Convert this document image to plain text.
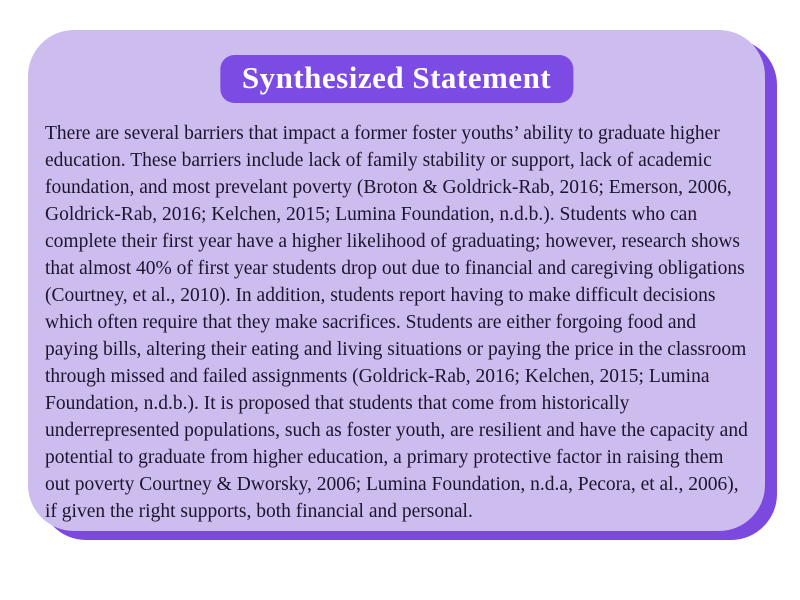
Synthesized Statement

There are several barriers that impact a former foster youths’ ability to graduate higher education. These barriers include lack of family stability or support, lack of academic foundation, and most prevelant poverty (Broton & Goldrick-Rab, 2016; Emerson, 2006, Goldrick-Rab, 2016; Kelchen, 2015; Lumina Foundation, n.d.b.). Students who can complete their first year have a higher likelihood of graduating; however, research shows that almost 40% of first year students drop out due to financial and caregiving obligations (Courtney, et al., 2010). In addition, students report having to make difficult decisions which often require that they make sacrifices. Students are either forgoing food and paying bills, altering their eating and living situations or paying the price in the classroom through missed and failed assignments (Goldrick-Rab, 2016; Kelchen, 2015; Lumina Foundation, n.d.b.). It is proposed that students that come from historically underrepresented populations, such as foster youth, are resilient and have the capacity and potential to graduate from higher education, a primary protective factor in raising them out poverty Courtney & Dworsky, 2006; Lumina Foundation, n.d.a, Pecora, et al., 2006), if given the right supports, both financial and personal.
